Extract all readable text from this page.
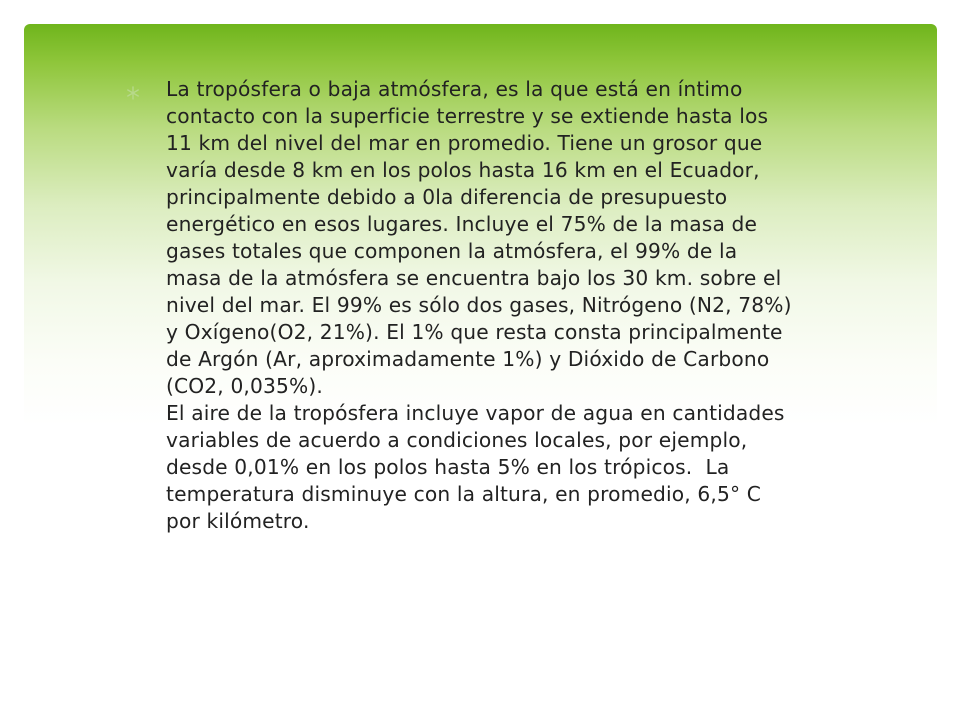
La tropósfera o baja atmósfera, es la que está en íntimo
contacto con la superficie terrestre y se extiende hasta los
11 km del nivel del mar en promedio. Tiene un grosor que
varía desde 8 km en los polos hasta 16 km en el Ecuador,
principalmente debido a 0la diferencia de presupuesto
energético en esos lugares. Incluye el 75% de la masa de
gases totales que componen la atmósfera, el 99% de la
masa de la atmósfera se encuentra bajo los 30 km. sobre el
nivel del mar. El 99% es sólo dos gases, Nitrógeno (N2, 78%)
y Oxígeno(O2, 21%). El 1% que resta consta principalmente
de Argón (Ar, aproximadamente 1%) y Dióxido de Carbono
(CO2, 0,035%).
El aire de la tropósfera incluye vapor de agua en cantidades
variables de acuerdo a condiciones locales, por ejemplo,
desde 0,01% en los polos hasta 5% en los trópicos.  La
temperatura disminuye con la altura, en promedio, 6,5° C
por kilómetro.
